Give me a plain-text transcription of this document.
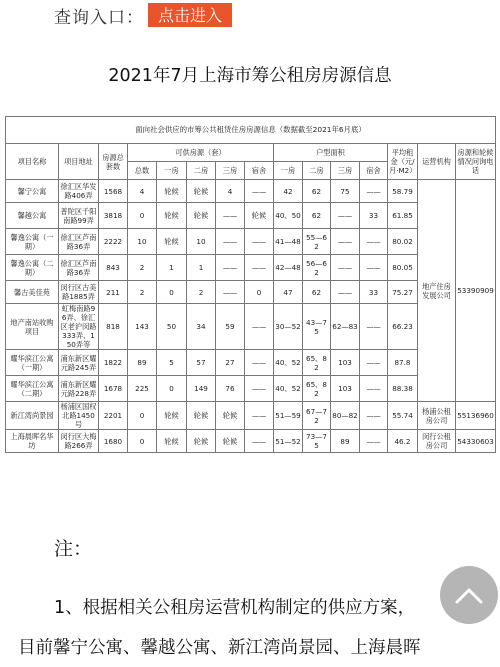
查询入口： 点击进入
2021年7月上海市筹公租房房源信息
面向社会供应的市筹公共租赁住房房源信息（数据截至2021年6月底）														
项目名称	项目地址	房源总套数	可供房源（套）					户型面积				平均租金（元/月·M2）	运营机构	房源和轮候情况问询电话
			总数	一房	二房	三房	宿舍	一房	二房	三房	宿舍			
馨宁公寓	徐汇区华发路406弄	1568	4	轮候	轮候	4	——	42	62	75	——	58.79	地产住房发展公司	53390909
馨越公寓	普陀区千阳南路99弄	3818	0	轮候	轮候	——	轮候	40、50	62	——	33	61.85		
馨逸公寓（一期）	徐汇区芦南路36弄	2222	10	轮候	10	——	——	41—48	55—62	——	——	80.02		
馨逸公寓（二期）	徐汇区芦南路36弄	843	2	1	1	——	——	42—48	56—62	——	——	80.05		
馨古美佳苑	闵行区古美路1885弄	211	2	0	2	——	0	47	62	——	33	75.27		
地产南站收购项目	虹梅南路96弄、徐汇区老沪闵路333弄、150弄等	818	143	50	34	59	——	30—52	43—75	62—83	——	66.23		
耀华滨江公寓（一期）	浦东新区耀元路245弄	1822	89	5	57	27	——	40、52	65、82	103	——	87.8		
耀华滨江公寓（二期）	浦东新区耀元路228弄	1678	225	0	149	76	——	40、52	65、82	103	——	88.38		
新江湾尚景园	杨浦区国权北路1450号	2201	0	轮候	轮候	轮候	——	51—59	67—72	80—82	——	55.74	杨浦公租房公司	55136960
上海晨晖名华坊	闵行区大梅路266弄	1680	0	轮候	轮候	轮候	——	51—52	73—75	89	——	46.2	闵行公租房公司	54330603
注：

1、根据相关公租房运营机构制定的供应方案，

目前馨宁公寓、馨越公寓、新江湾尚景园、上海晨晖
